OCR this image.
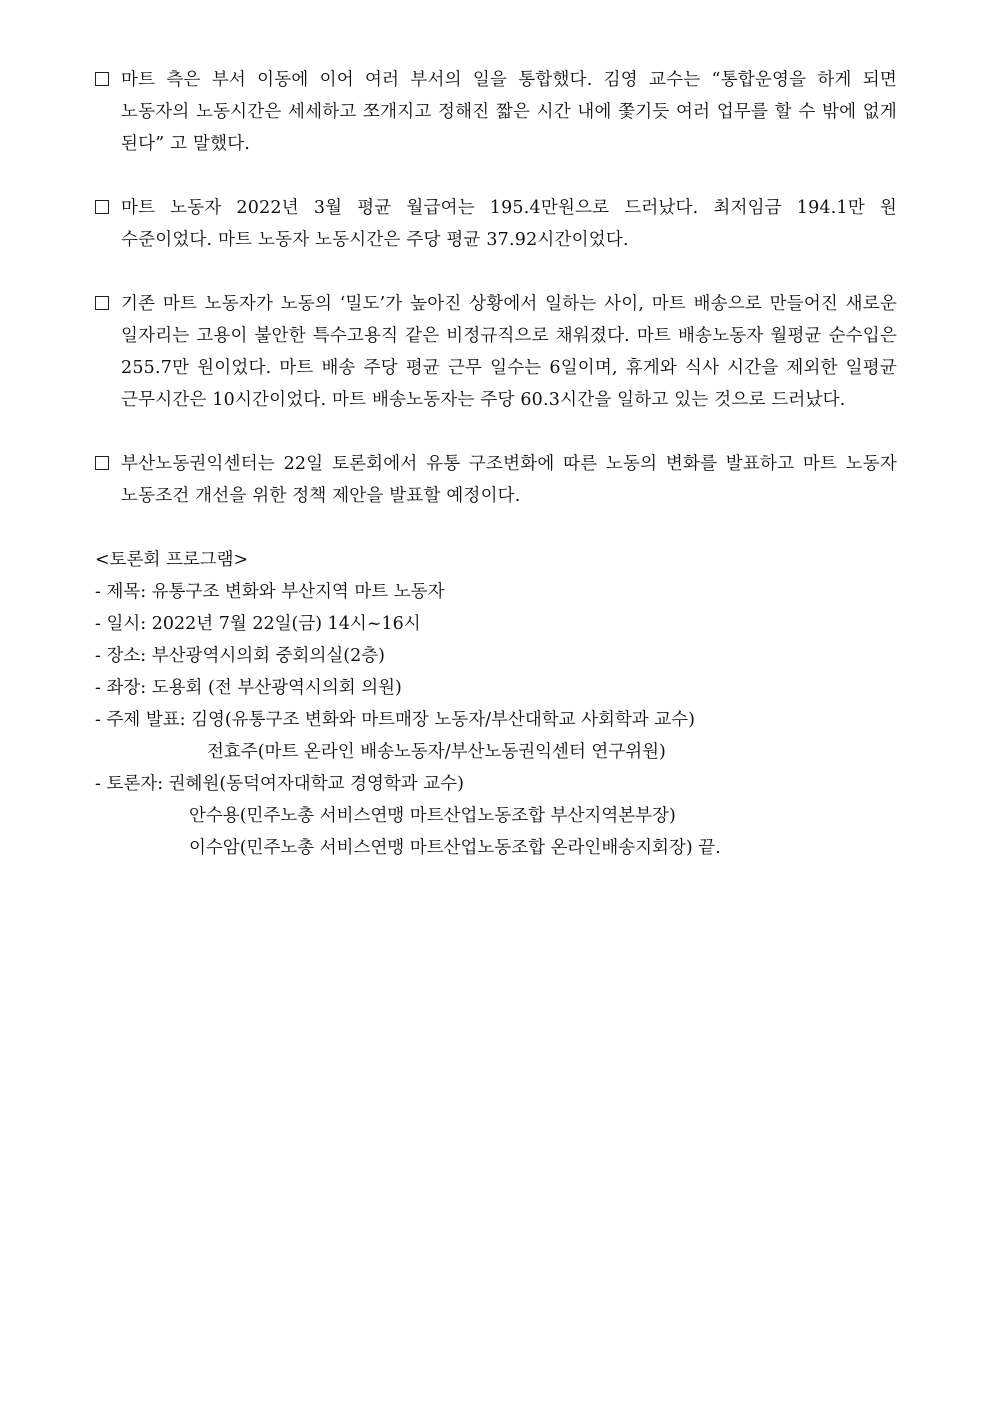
마트 측은 부서 이동에 이어 여러 부서의 일을 통합했다. 김영 교수는 “통합운영을 하게 되면 노동자의 노동시간은 세세하고 쪼개지고 정해진 짧은 시간 내에 쫓기듯 여러 업무를 할 수 밖에 없게 된다” 고 말했다.
마트 노동자 2022년 3월 평균 월급여는 195.4만원으로 드러났다. 최저임금 194.1만 원 수준이었다. 마트 노동자 노동시간은 주당 평균 37.92시간이었다.
기존 마트 노동자가 노동의 ‘밀도’가 높아진 상황에서 일하는 사이, 마트 배송으로 만들어진 새로운 일자리는 고용이 불안한 특수고용직 같은 비정규직으로 채워졌다. 마트 배송노동자 월평균 순수입은 255.7만 원이었다. 마트 배송 주당 평균 근무 일수는 6일이며, 휴게와 식사 시간을 제외한 일평균 근무시간은 10시간이었다. 마트 배송노동자는 주당 60.3시간을 일하고 있는 것으로 드러났다.
부산노동권익센터는 22일 토론회에서 유통 구조변화에 따른 노동의 변화를 발표하고 마트 노동자 노동조건 개선을 위한 정책 제안을 발표할 예정이다.
<토론회 프로그램>
- 제목: 유통구조 변화와 부산지역 마트 노동자
- 일시: 2022년 7월 22일(금) 14시~16시
- 장소: 부산광역시의회 중회의실(2층)
- 좌장: 도용회 (전 부산광역시의회 의원)
- 주제 발표: 김영(유통구조 변화와 마트매장 노동자/부산대학교 사회학과 교수)
전효주(마트 온라인 배송노동자/부산노동권익센터 연구위원)
- 토론자: 권혜원(동덕여자대학교 경영학과 교수)
안수용(민주노총 서비스연맹 마트산업노동조합 부산지역본부장)
이수암(민주노총 서비스연맹 마트산업노동조합 온라인배송지회장) 끝.
